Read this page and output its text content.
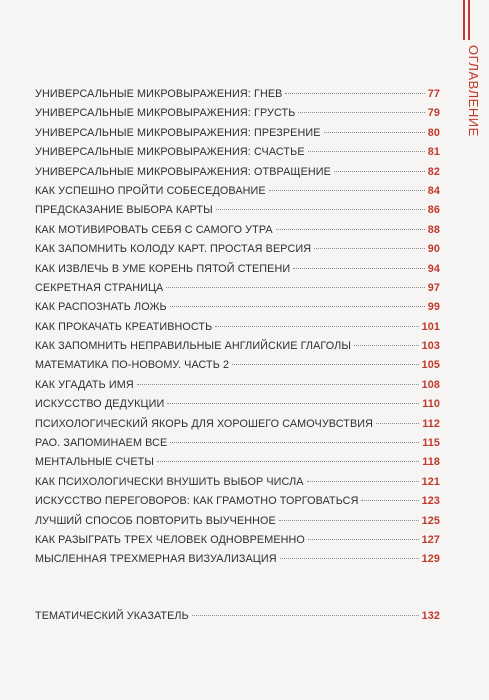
ОГЛАВЛЕНИЕ
УНИВЕРСАЛЬНЫЕ МИКРОВЫРАЖЕНИЯ: ГНЕВ	77
УНИВЕРСАЛЬНЫЕ МИКРОВЫРАЖЕНИЯ: ГРУСТЬ	79
УНИВЕРСАЛЬНЫЕ МИКРОВЫРАЖЕНИЯ: ПРЕЗРЕНИЕ	80
УНИВЕРСАЛЬНЫЕ МИКРОВЫРАЖЕНИЯ: СЧАСТЬЕ	81
УНИВЕРСАЛЬНЫЕ МИКРОВЫРАЖЕНИЯ: ОТВРАЩЕНИЕ	82
КАК УСПЕШНО ПРОЙТИ СОБЕСЕДОВАНИЕ	84
ПРЕДСКАЗАНИЕ ВЫБОРА КАРТЫ	86
КАК МОТИВИРОВАТЬ СЕБЯ С САМОГО УТРА	88
КАК ЗАПОМНИТЬ КОЛОДУ КАРТ. ПРОСТАЯ ВЕРСИЯ	90
КАК ИЗВЛЕЧЬ В УМЕ КОРЕНЬ ПЯТОЙ СТЕПЕНИ	94
СЕКРЕТНАЯ СТРАНИЦА	97
КАК РАСПОЗНАТЬ ЛОЖЬ	99
КАК ПРОКАЧАТЬ КРЕАТИВНОСТЬ	101
КАК ЗАПОМНИТЬ НЕПРАВИЛЬНЫЕ АНГЛИЙСКИЕ ГЛАГОЛЫ	103
МАТЕМАТИКА ПО-НОВОМУ. ЧАСТЬ 2	105
КАК УГАДАТЬ ИМЯ	108
ИСКУССТВО ДЕДУКЦИИ	110
ПСИХОЛОГИЧЕСКИЙ ЯКОРЬ ДЛЯ ХОРОШЕГО САМОЧУВСТВИЯ	112
РАО. ЗАПОМИНАЕМ ВСЕ	115
МЕНТАЛЬНЫЕ СЧЕТЫ	118
КАК ПСИХОЛОГИЧЕСКИ ВНУШИТЬ ВЫБОР ЧИСЛА	121
ИСКУССТВО ПЕРЕГОВОРОВ: КАК ГРАМОТНО ТОРГОВАТЬСЯ	123
ЛУЧШИЙ СПОСОБ ПОВТОРИТЬ ВЫУЧЕННОЕ	125
КАК РАЗЫГРАТЬ ТРЕХ ЧЕЛОВЕК ОДНОВРЕМЕННО	127
МЫСЛЕННАЯ ТРЕХМЕРНАЯ ВИЗУАЛИЗАЦИЯ	129
ТЕМАТИЧЕСКИЙ УКАЗАТЕЛЬ	132
